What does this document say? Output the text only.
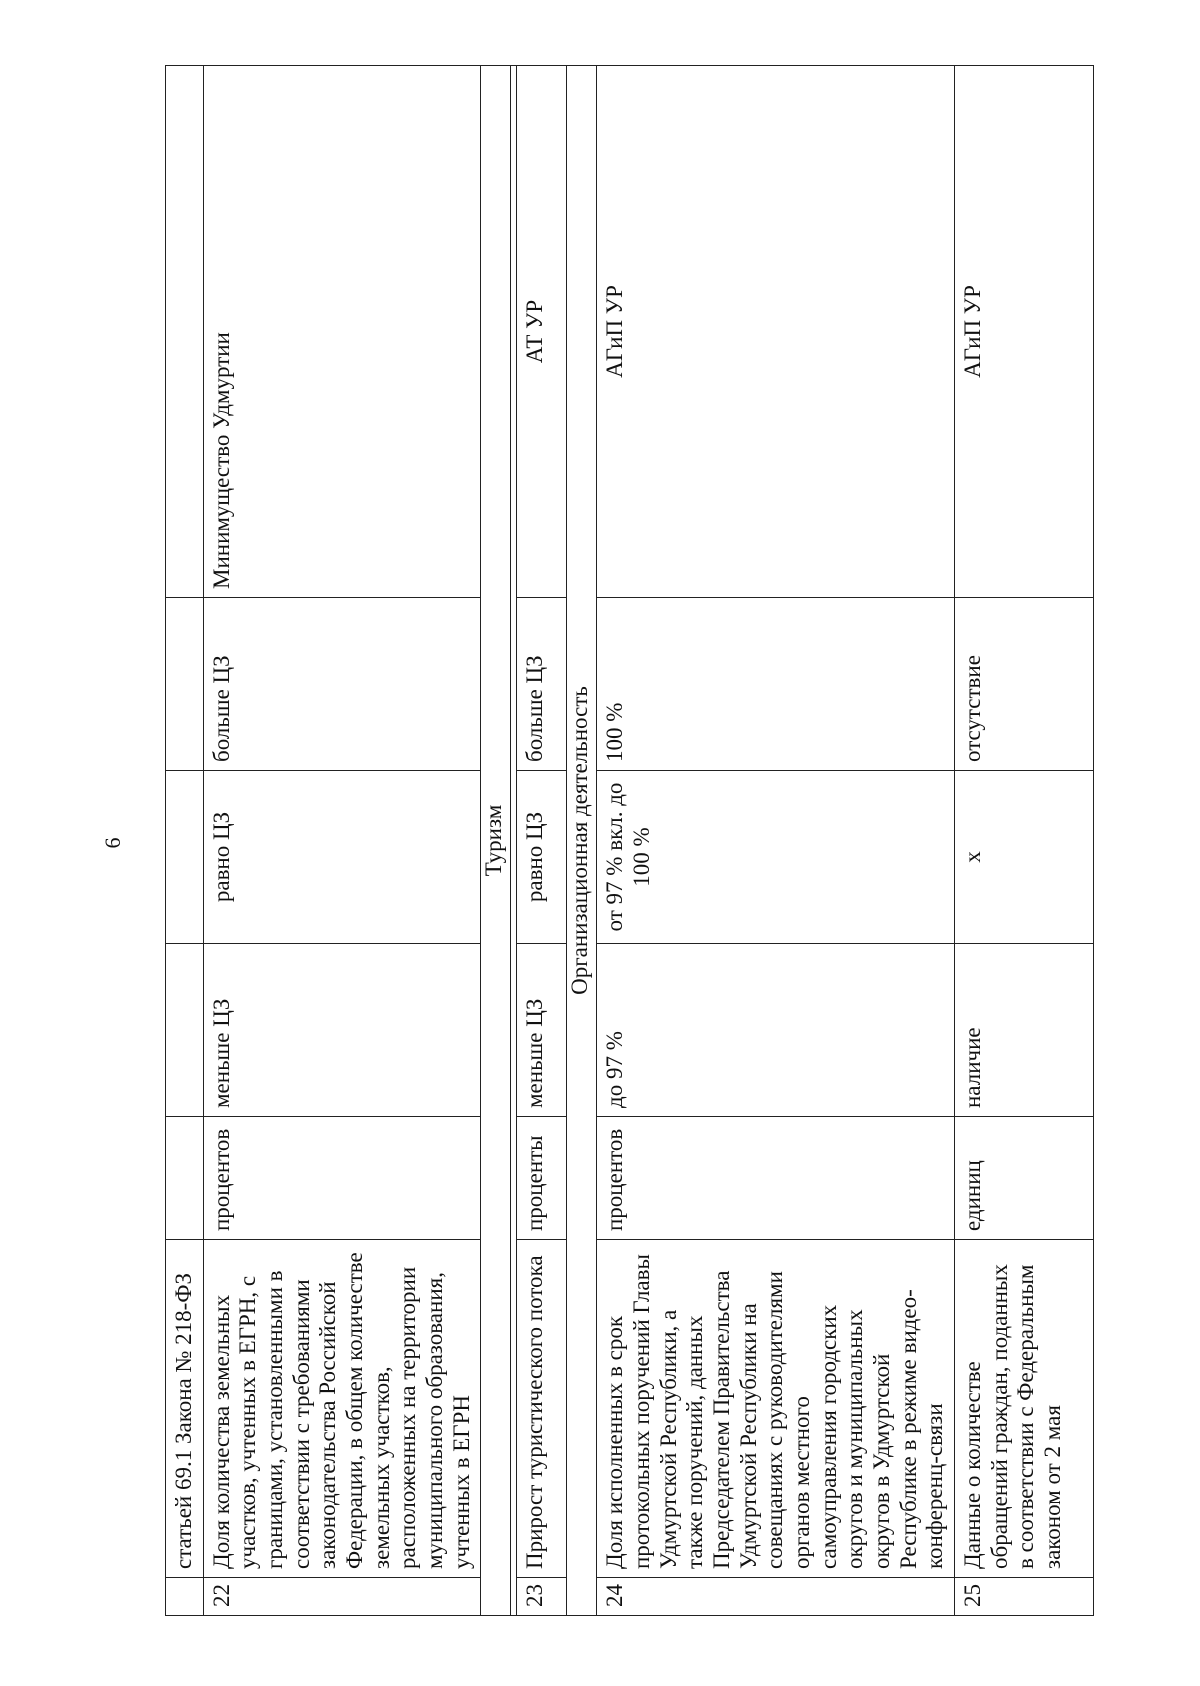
6
	статьей 69.1 Закона № 218-ФЗ					
22	Доля количества земельных участков, учтенных в ЕГРН, с границами, установленными в соответствии с требованиями законодательства Российской Федерации, в общем количестве земельных участков, расположенных на территории муниципального образования, учтенных в ЕГРН	процентов	меньше ЦЗ	равно ЦЗ	больше ЦЗ	Минимущество Удмуртии
Туризм						

23	Прирост туристического потока	проценты	меньше ЦЗ	равно ЦЗ	больше ЦЗ	АТ УР
Организационная деятельность						
24	Доля исполненных в срок протокольных поручений Главы Удмуртской Республики, а также поручений, данных Председателем Правительства Удмуртской Республики на совещаниях с руководителями органов местного самоуправления городских округов и муниципальных округов в Удмуртской Республике в режиме видео-конференц-связи	процентов	до 97 %	от 97 % вкл. до 100 %	100 %	АГиП УР
25	Данные о количестве обращений граждан, поданных в соответствии с Федеральным законом от 2 мая	единиц	наличие	х	отсутствие	АГиП УР
